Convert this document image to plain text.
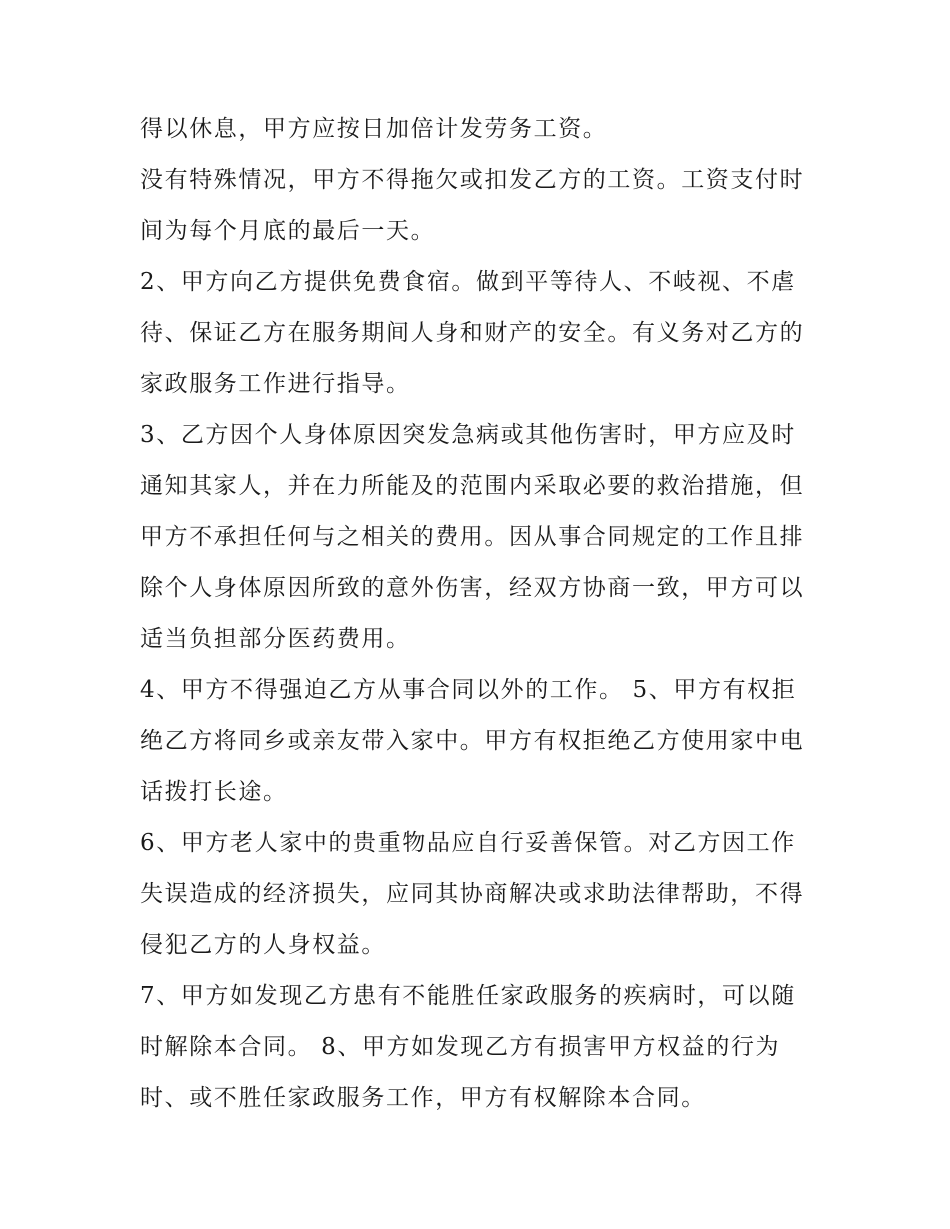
得以休息，甲方应按日加倍计发劳务工资。
没有特殊情况，甲方不得拖欠或扣发乙方的工资。工资支付时
间为每个月底的最后一天。
2、甲方向乙方提供免费食宿。做到平等待人、不岐视、不虐
待、保证乙方在服务期间人身和财产的安全。有义务对乙方的
家政服务工作进行指导。
3、乙方因个人身体原因突发急病或其他伤害时，甲方应及时
通知其家人，并在力所能及的范围内采取必要的救治措施，但
甲方不承担任何与之相关的费用。因从事合同规定的工作且排
除个人身体原因所致的意外伤害，经双方协商一致，甲方可以
适当负担部分医药费用。
4、甲方不得强迫乙方从事合同以外的工作。 5、甲方有权拒
绝乙方将同乡或亲友带入家中。甲方有权拒绝乙方使用家中电
话拨打长途。
6、甲方老人家中的贵重物品应自行妥善保管。对乙方因工作
失误造成的经济损失，应同其协商解决或求助法律帮助，不得
侵犯乙方的人身权益。
7、甲方如发现乙方患有不能胜任家政服务的疾病时，可以随
时解除本合同。 8、甲方如发现乙方有损害甲方权益的行为
时、或不胜任家政服务工作，甲方有权解除本合同。
